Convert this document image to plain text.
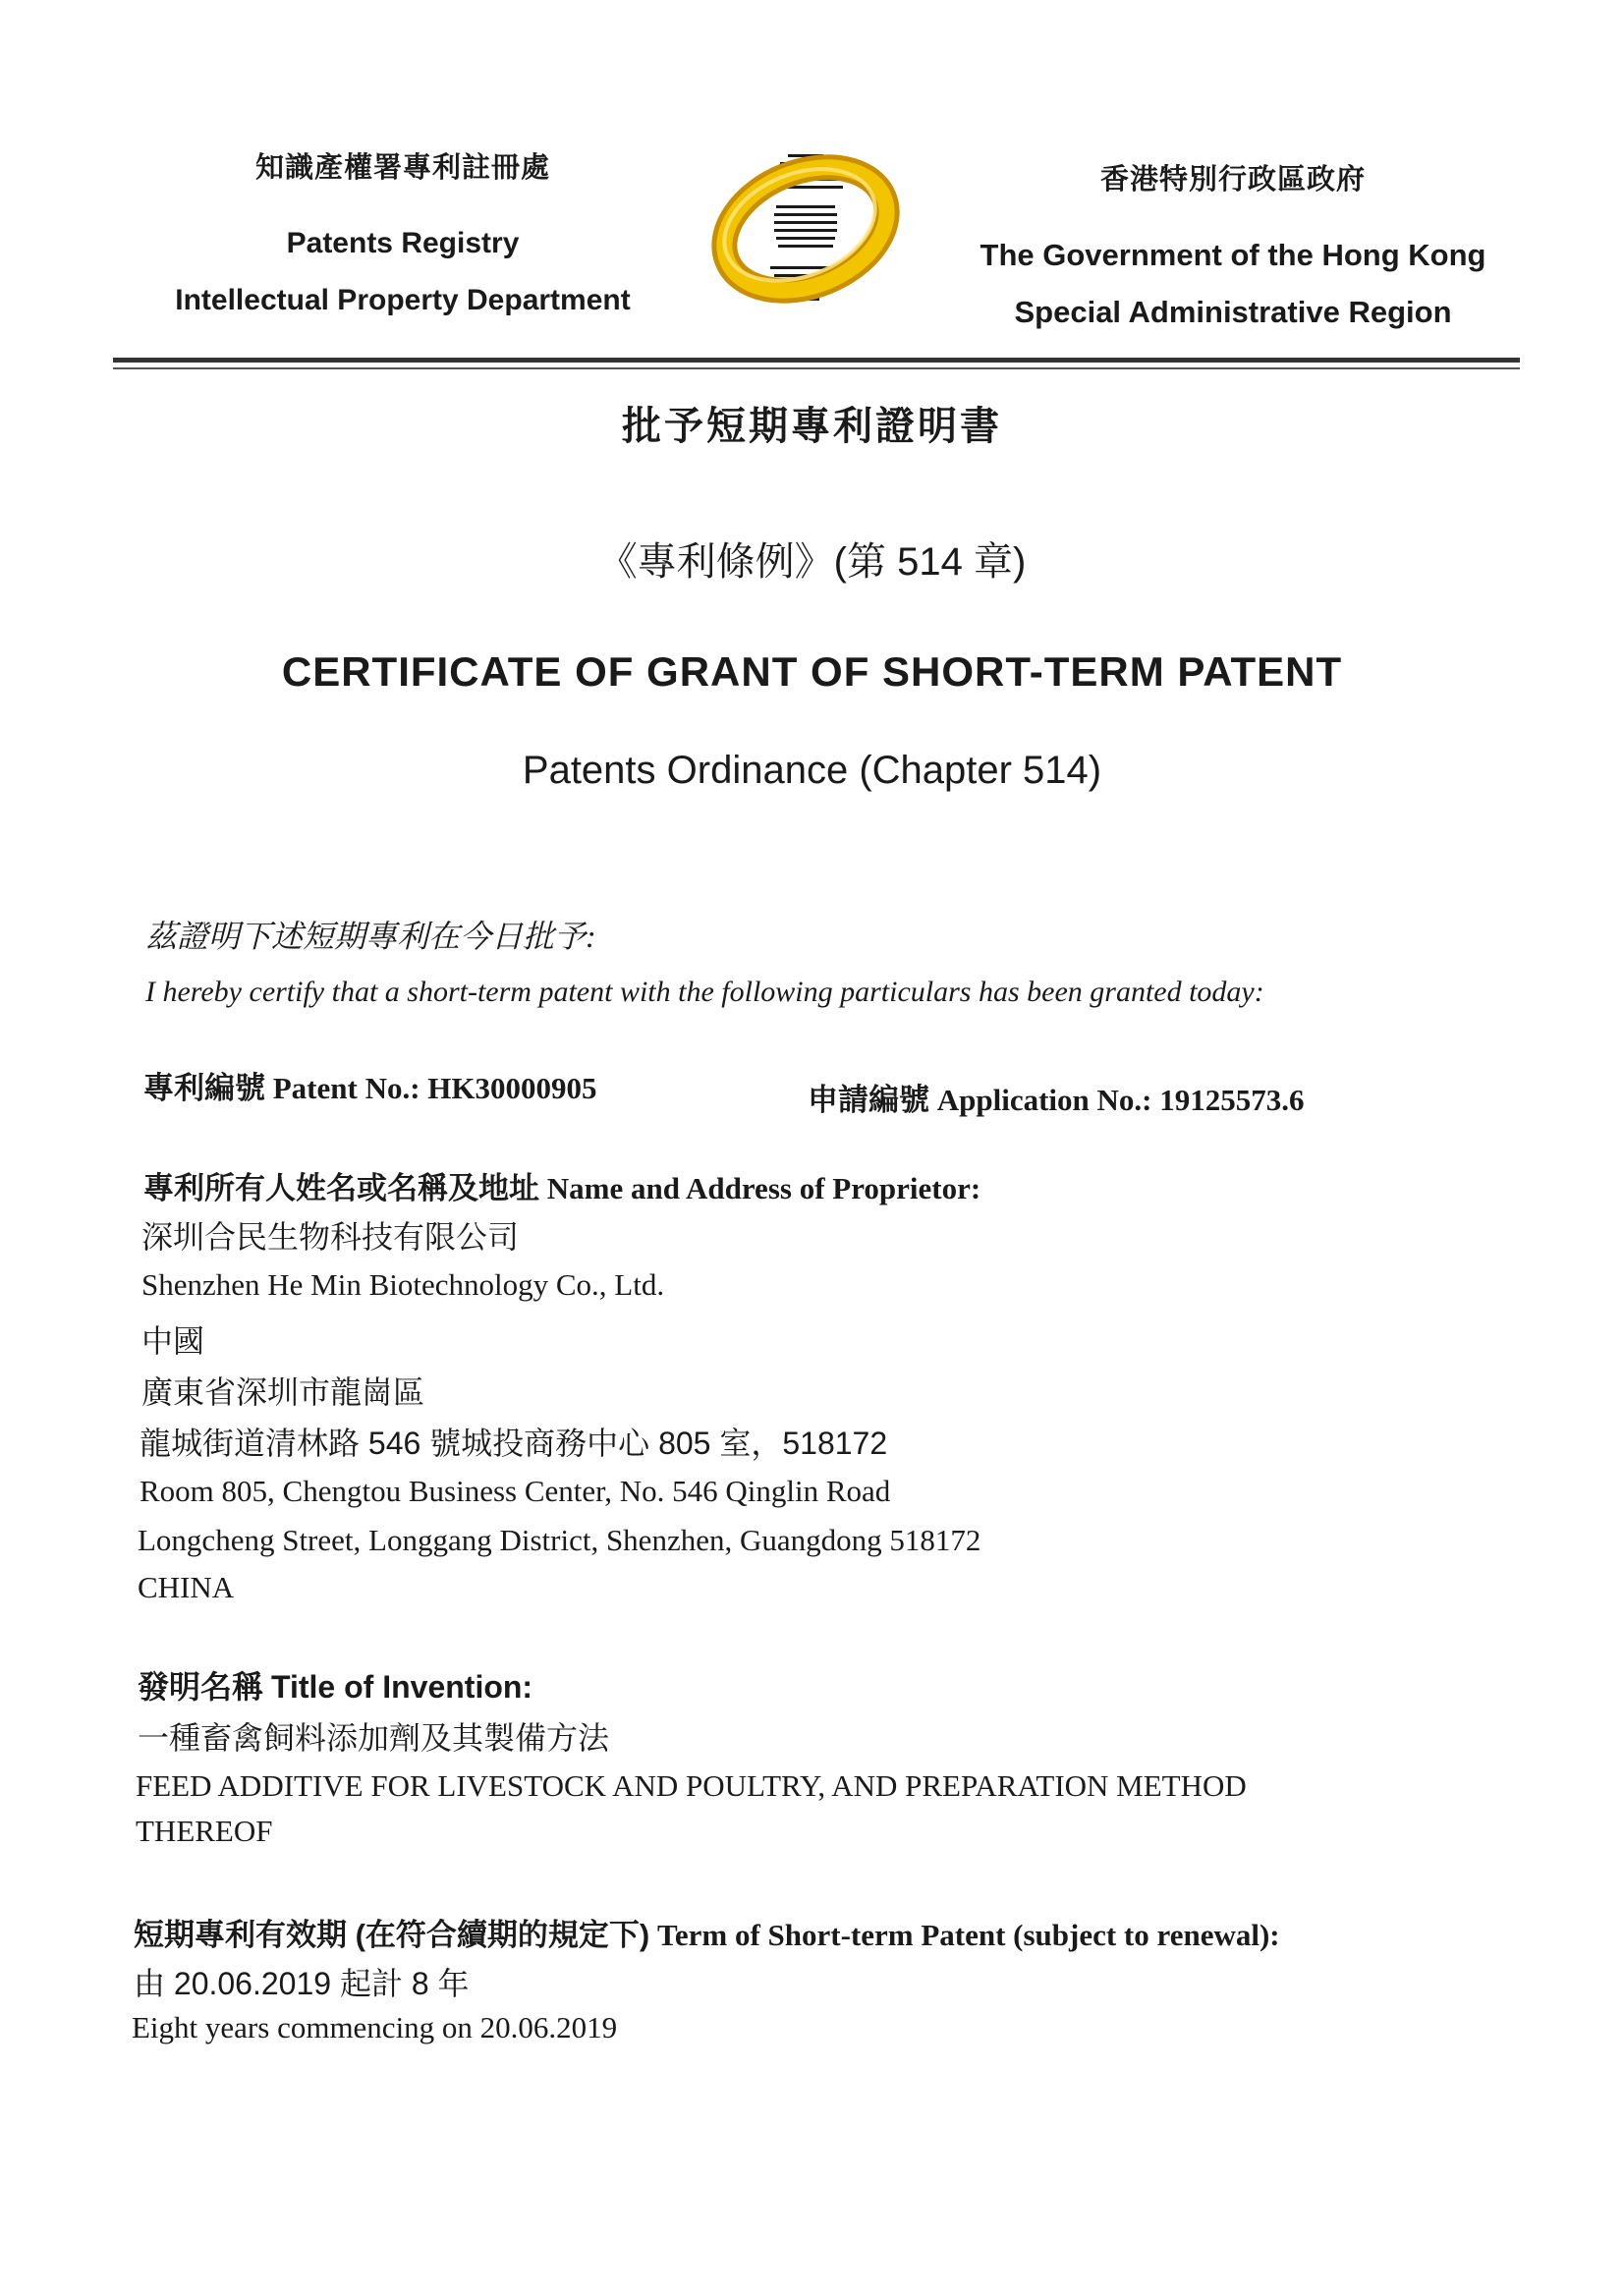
知識產權署專利註冊處
Patents Registry
Intellectual Property Department
香港特別行政區政府
The Government of the Hong Kong
Special Administrative Region
批予短期專利證明書
《專利條例》(第 514 章)
CERTIFICATE OF GRANT OF SHORT-TERM PATENT
Patents Ordinance (Chapter 514)
茲證明下述短期專利在今日批予:
I hereby certify that a short-term patent with the following particulars has been granted today:
專利編號 Patent No.: HK30000905	申請編號 Application No.: 19125573.6
專利所有人姓名或名稱及地址 Name and Address of Proprietor:
深圳合民生物科技有限公司
Shenzhen He Min Biotechnology Co., Ltd.
中國
廣東省深圳市龍崗區
龍城街道清林路 546 號城投商務中心 805 室，518172
Room 805, Chengtou Business Center, No. 546 Qinglin Road
Longcheng Street, Longgang District, Shenzhen, Guangdong 518172
CHINA
發明名稱 Title of Invention:
一種畜禽飼料添加劑及其製備方法
FEED ADDITIVE FOR LIVESTOCK AND POULTRY, AND PREPARATION METHOD
THEREOF
短期專利有效期 (在符合續期的規定下) Term of Short-term Patent (subject to renewal):
由 20.06.2019 起計 8 年
Eight years commencing on 20.06.2019
